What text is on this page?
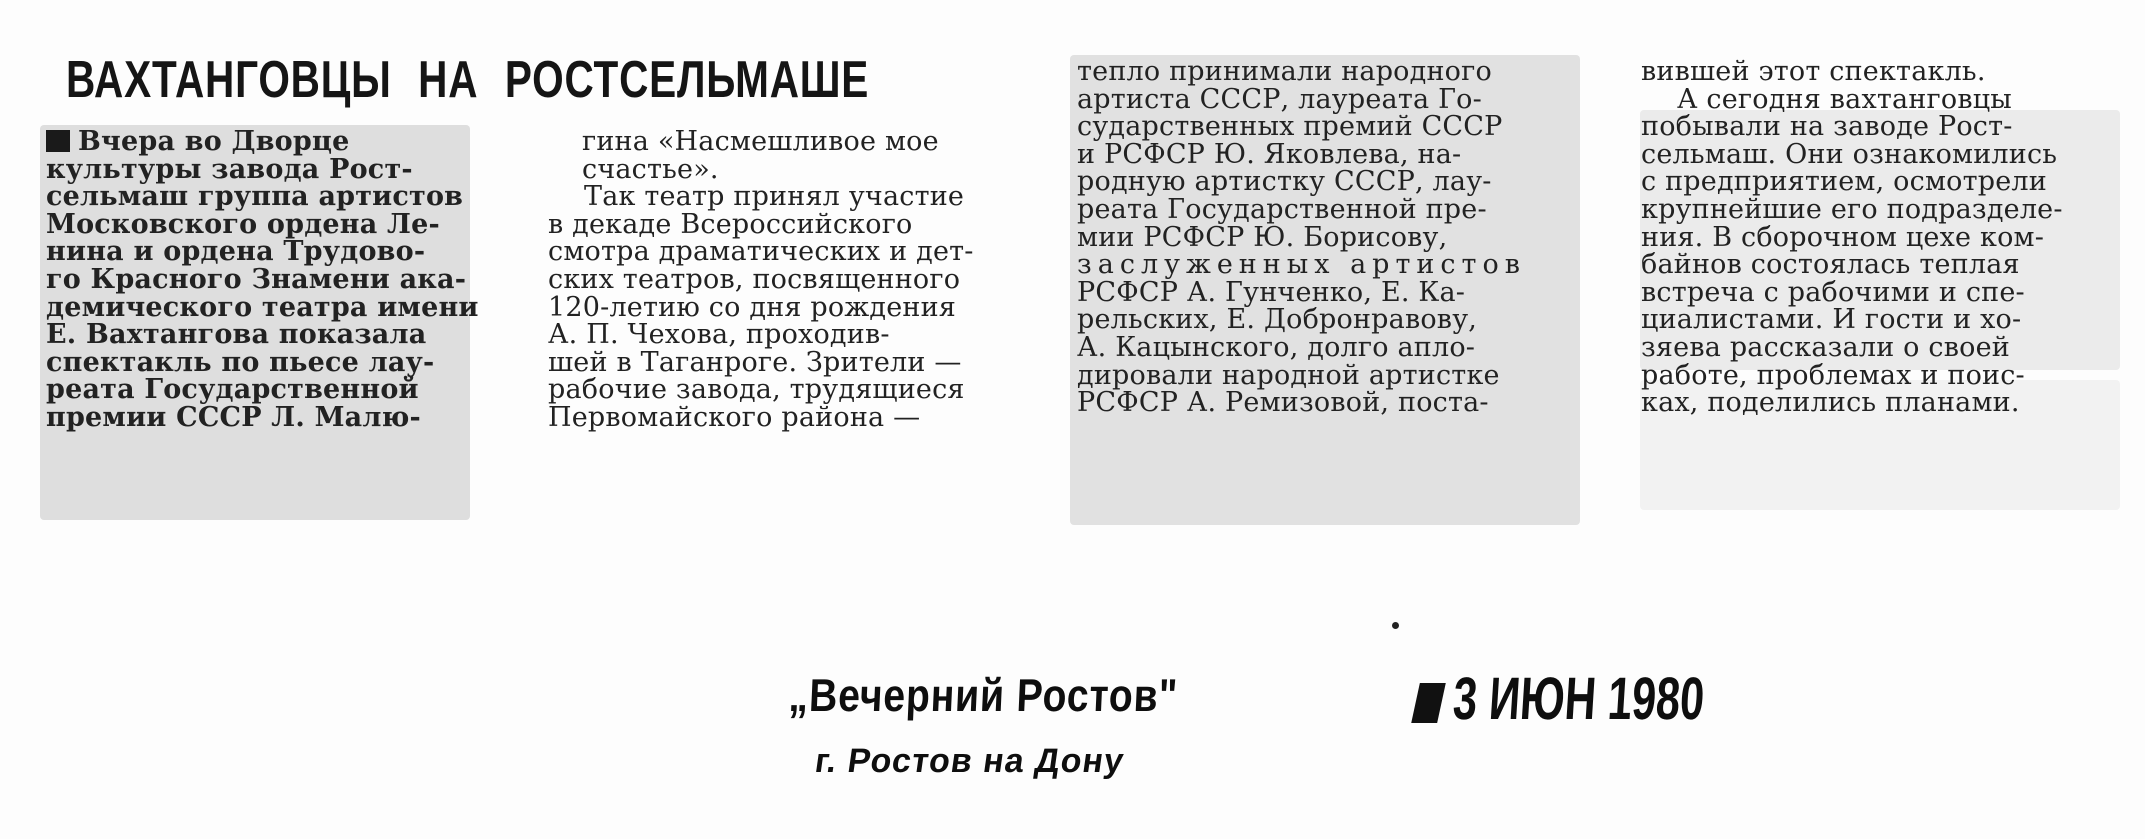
ВАХТАНГОВЦЫ НА РОСТСЕЛЬМАШЕ
Вчера во Дворце
культуры завода Рост-
сельмаш группа артистов
Московского ордена Ле-
нина и ордена Трудово-
го Красного Знамени ака-
демического театра имени
Е. Вахтангова показала
спектакль по пьесе лау-
реата Государственной
премии СССР Л. Малю-
гина «Насмешливое мое
счастье».
Так театр принял участие
в декаде Всероссийского
смотра драматических и дет-
ских театров, посвященного
120-летию со дня рождения
А. П. Чехова, проходив-
шей в Таганроге. Зрители —
рабочие завода, трудящиеся
Первомайского района —
тепло принимали народного
артиста СССР, лауреата Го-
сударственных премий СССР
и РСФСР Ю. Яковлева, на-
родную артистку СССР, лау-
реата Государственной пре-
мии РСФСР Ю. Борисову,
заслуженных артистов
РСФСР А. Гунченко, Е. Ка-
рельских, Е. Добронравову,
А. Кацынского, долго апло-
дировали народной артистке
РСФСР А. Ремизовой, поста-
вившей этот спектакль.
А сегодня вахтанговцы
побывали на заводе Рост-
сельмаш. Они ознакомились
с предприятием, осмотрели
крупнейшие его подразделе-
ния. В сборочном цехе ком-
байнов состоялась теплая
встреча с рабочими и спе-
циалистами. И гости и хо-
зяева рассказали о своей
работе, проблемах и поис-
ках, поделились планами.
„Вечерний Ростов"
г. Ростов на Дону
3 ИЮН 1980
